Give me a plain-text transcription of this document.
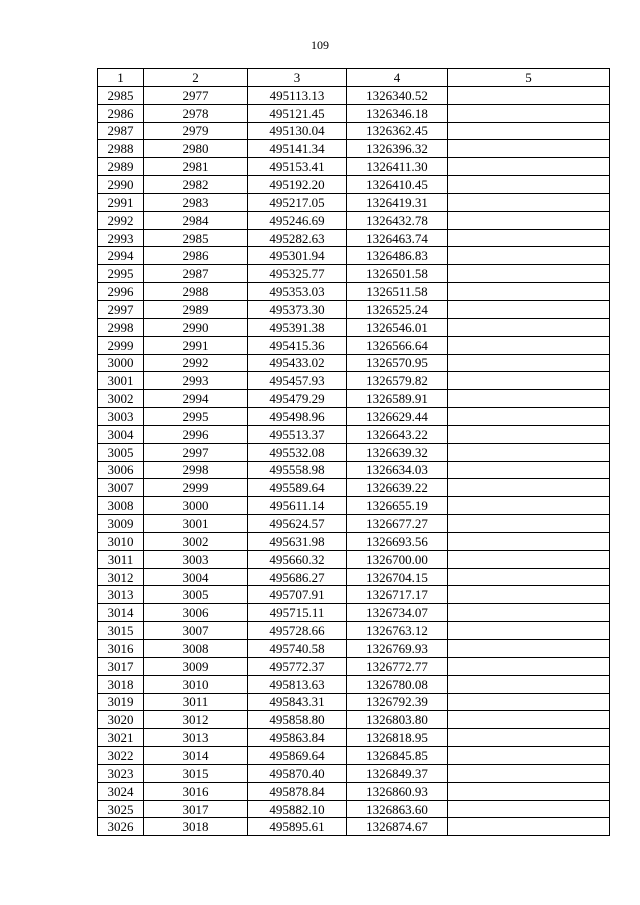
109
1	2	3	4	5
2985	2977	495113.13	1326340.52	
2986	2978	495121.45	1326346.18	
2987	2979	495130.04	1326362.45	
2988	2980	495141.34	1326396.32	
2989	2981	495153.41	1326411.30	
2990	2982	495192.20	1326410.45	
2991	2983	495217.05	1326419.31	
2992	2984	495246.69	1326432.78	
2993	2985	495282.63	1326463.74	
2994	2986	495301.94	1326486.83	
2995	2987	495325.77	1326501.58	
2996	2988	495353.03	1326511.58	
2997	2989	495373.30	1326525.24	
2998	2990	495391.38	1326546.01	
2999	2991	495415.36	1326566.64	
3000	2992	495433.02	1326570.95	
3001	2993	495457.93	1326579.82	
3002	2994	495479.29	1326589.91	
3003	2995	495498.96	1326629.44	
3004	2996	495513.37	1326643.22	
3005	2997	495532.08	1326639.32	
3006	2998	495558.98	1326634.03	
3007	2999	495589.64	1326639.22	
3008	3000	495611.14	1326655.19	
3009	3001	495624.57	1326677.27	
3010	3002	495631.98	1326693.56	
3011	3003	495660.32	1326700.00	
3012	3004	495686.27	1326704.15	
3013	3005	495707.91	1326717.17	
3014	3006	495715.11	1326734.07	
3015	3007	495728.66	1326763.12	
3016	3008	495740.58	1326769.93	
3017	3009	495772.37	1326772.77	
3018	3010	495813.63	1326780.08	
3019	3011	495843.31	1326792.39	
3020	3012	495858.80	1326803.80	
3021	3013	495863.84	1326818.95	
3022	3014	495869.64	1326845.85	
3023	3015	495870.40	1326849.37	
3024	3016	495878.84	1326860.93	
3025	3017	495882.10	1326863.60	
3026	3018	495895.61	1326874.67	
